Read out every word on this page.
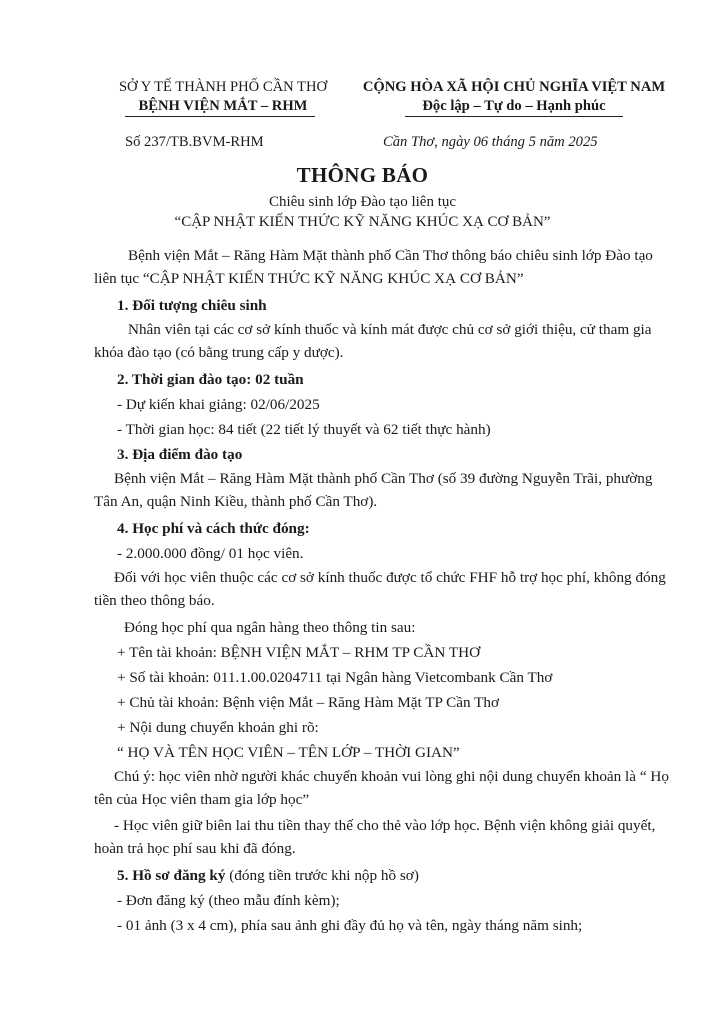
SỞ Y TẾ THÀNH PHỐ CẦN THƠ
BỆNH VIỆN MẮT – RHM
CỘNG HÒA XÃ HỘI CHỦ NGHĨA VIỆT NAM
Độc lập – Tự do – Hạnh phúc
Số 237/TB.BVM-RHM	Cần Thơ, ngày 06 tháng 5 năm 2025
THÔNG BÁO
Chiêu sinh lớp Đào tạo liên tục
“CẬP NHẬT KIẾN THỨC KỸ NĂNG KHÚC XẠ CƠ BẢN”

Bệnh viện Mắt – Răng Hàm Mặt thành phố Cần Thơ thông báo chiêu sinh lớp Đào tạo liên tục “CẬP NHẬT KIẾN THỨC KỸ NĂNG KHÚC XẠ CƠ BẢN”

1. Đối tượng chiêu sinh

Nhân viên tại các cơ sở kính thuốc và kính mát được chủ cơ sở giới thiệu, cử tham gia khóa đào tạo (có bằng trung cấp y dược).

2. Thời gian đào tạo: 02 tuần
- Dự kiến khai giảng: 02/06/2025
- Thời gian học: 84 tiết (22 tiết lý thuyết và 62 tiết thực hành)
3. Địa điểm đào tạo

Bệnh viện Mắt – Răng Hàm Mặt thành phố Cần Thơ (số 39 đường Nguyễn Trãi, phường Tân An, quận Ninh Kiều, thành phố Cần Thơ).

4. Học phí và cách thức đóng:
- 2.000.000 đồng/ 01 học viên.

Đối với học viên thuộc các cơ sở kính thuốc được tổ chức FHF hỗ trợ học phí, không đóng tiền theo thông báo.

Đóng học phí qua ngân hàng theo thông tin sau:
+ Tên tài khoản: BỆNH VIỆN MẮT – RHM TP CẦN THƠ
+ Số tài khoản: 011.1.00.0204711 tại Ngân hàng Vietcombank Cần Thơ
+ Chủ tài khoản: Bệnh viện Mắt – Răng Hàm Mặt TP Cần Thơ
+ Nội dung chuyển khoản ghi rõ:
“ HỌ VÀ TÊN HỌC VIÊN – TÊN LỚP – THỜI GIAN”

Chú ý: học viên nhờ người khác chuyển khoản vui lòng ghi nội dung chuyển khoản là “ Họ tên của Học viên tham gia lớp học”

- Học viên giữ biên lai thu tiền thay thế cho thẻ vào lớp học. Bệnh viện không giải quyết, hoàn trả học phí sau khi đã đóng.

5. Hồ sơ đăng ký (đóng tiền trước khi nộp hồ sơ)
- Đơn đăng ký (theo mẫu đính kèm);
- 01 ảnh (3 x 4 cm), phía sau ảnh ghi đầy đủ họ và tên, ngày tháng năm sinh;
